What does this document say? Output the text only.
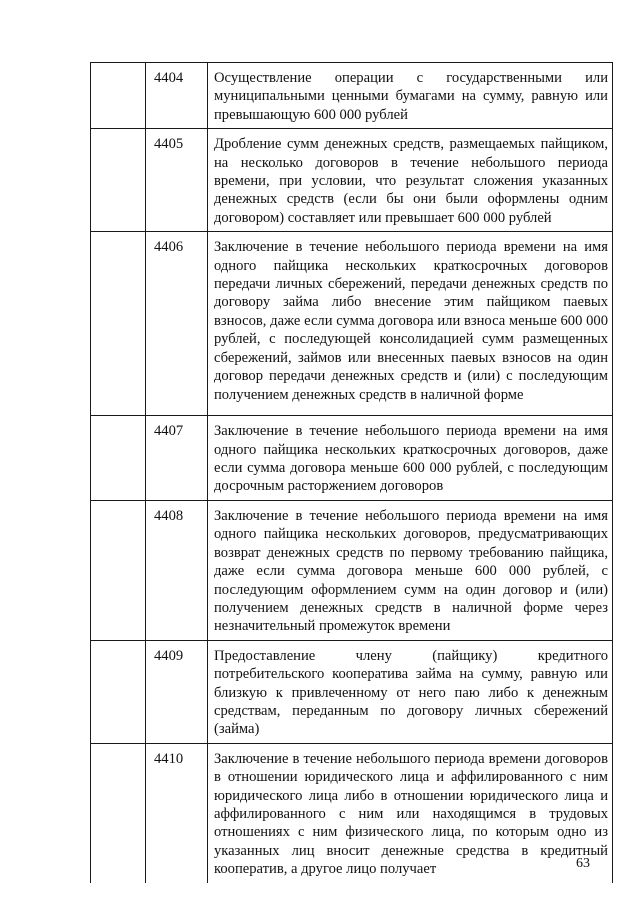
	4404	Осуществление операции с государственными или муниципальными ценными бумагами на сумму, равную или превышающую 600 000 рублей
	4405	Дробление сумм денежных средств, размещаемых пайщиком, на несколько договоров в течение небольшого периода времени, при условии, что результат сложения указанных денежных средств (если бы они были оформлены одним договором) составляет или превышает 600 000 рублей
	4406	Заключение в течение небольшого периода времени на имя одного пайщика нескольких краткосрочных договоров передачи личных сбережений, передачи денежных средств по договору займа либо внесение этим пайщиком паевых взносов, даже если сумма договора или взноса меньше 600 000 рублей, с последующей консолидацией сумм размещенных сбережений, займов или внесенных паевых взносов на один договор передачи денежных средств и (или) с последующим получением денежных средств в наличной форме
	4407	Заключение в течение небольшого периода времени на имя одного пайщика нескольких краткосрочных договоров, даже если сумма договора меньше 600 000 рублей, с последующим досрочным расторжением договоров
	4408	Заключение в течение небольшого периода времени на имя одного пайщика нескольких договоров, предусматривающих возврат денежных средств по первому требованию пайщика, даже если сумма договора меньше 600 000 рублей, с последующим оформлением сумм на один договор и (или) получением денежных средств в наличной форме через незначительный промежуток времени
	4409	Предоставление члену (пайщику) кредитного потребительского кооператива займа на сумму, равную или близкую к привлеченному от него паю либо к денежным средствам, переданным по договору личных сбережений (займа)
	4410	Заключение в течение небольшого периода времени договоров в отношении юридического лица и аффилированного с ним юридического лица либо в отношении юридического лица и аффилированного с ним или находящимся в трудовых отношениях с ним физического лица, по которым одно из указанных лиц вносит денежные средства в кредитный кооператив, а другое лицо получает	63
